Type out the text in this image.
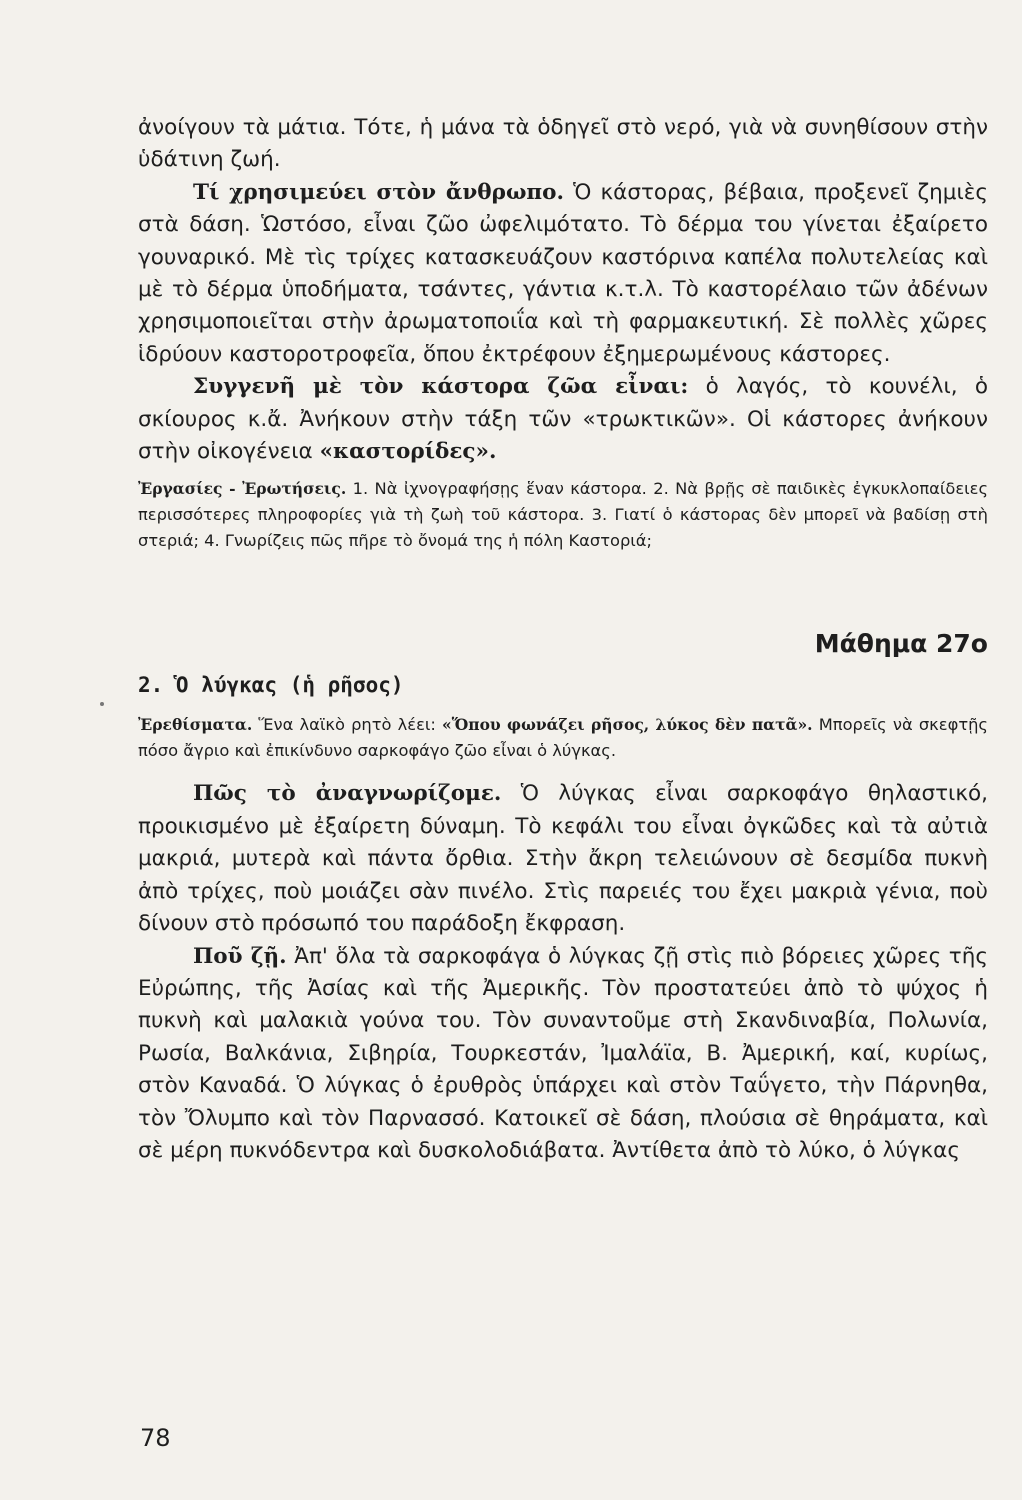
ἀνοίγουν τὰ μάτια. Τότε, ἡ μάνα τὰ ὁδηγεῖ στὸ νερό, γιὰ νὰ συνηθίσουν στὴν ὑδάτινη ζωή.

Τί χρησιμεύει στὸν ἄνθρωπο. Ὁ κάστορας, βέβαια, προξενεῖ ζημιὲς στὰ δάση. Ὡστόσο, εἶναι ζῶο ὠφελιμότατο. Τὸ δέρμα του γίνεται ἐξαίρετο γουναρικό. Μὲ τὶς τρίχες κατασκευάζουν καστόρινα καπέλα πολυτελείας καὶ μὲ τὸ δέρμα ὑποδήματα, τσάντες, γάντια κ.τ.λ. Τὸ καστορέλαιο τῶν ἀδένων χρησιμοποιεῖται στὴν ἀρωματοποιΐα καὶ τὴ φαρμακευτική. Σὲ πολλὲς χῶρες ἱδρύουν καστοροτροφεῖα, ὅπου ἐκτρέφουν ἐξημερωμένους κάστορες.

Συγγενῆ μὲ τὸν κάστορα ζῶα εἶναι: ὁ λαγός, τὸ κουνέλι, ὁ σκίουρος κ.ἄ. Ἀνήκουν στὴν τάξη τῶν «τρωκτικῶν». Οἱ κάστορες ἀνήκουν στὴν οἰκογένεια «καστορίδες».

Ἐργασίες - Ἐρωτήσεις. 1. Νὰ ἰχνογραφήσῃς ἕναν κάστορα. 2. Νὰ βρῇς σὲ παιδικὲς ἐγκυκλοπαίδειες περισσότερες πληροφορίες γιὰ τὴ ζωὴ τοῦ κάστορα. 3. Γιατί ὁ κάστορας δὲν μπορεῖ νὰ βαδίσῃ στὴ στεριά; 4. Γνωρίζεις πῶς πῆρε τὸ ὄνομά της ἡ πόλη Καστοριά;

Μάθημα 27ο
2. Ὁ λύγκας (ἡ ρῆσος)

Ἐρεθίσματα. Ἕνα λαϊκὸ ρητὸ λέει: «Ὅπου φωνάζει ρῆσος, λύκος δὲν πατᾶ». Μπορεῖς νὰ σκεφτῇς πόσο ἄγριο καὶ ἐπικίνδυνο σαρκοφάγο ζῶο εἶναι ὁ λύγκας.

Πῶς τὸ ἀναγνωρίζομε. Ὁ λύγκας εἶναι σαρκοφάγο θηλαστικό, προικισμένο μὲ ἐξαίρετη δύναμη. Τὸ κεφάλι του εἶναι ὀγκῶδες καὶ τὰ αὐτιὰ μακριά, μυτερὰ καὶ πάντα ὄρθια. Στὴν ἄκρη τελειώνουν σὲ δεσμίδα πυκνὴ ἀπὸ τρίχες, ποὺ μοιάζει σὰν πινέλο. Στὶς παρειές του ἔχει μακριὰ γένια, ποὺ δίνουν στὸ πρόσωπό του παράδοξη ἔκφραση.

Ποῦ ζῇ. Ἀπ' ὅλα τὰ σαρκοφάγα ὁ λύγκας ζῇ στὶς πιὸ βόρειες χῶρες τῆς Εὐρώπης, τῆς Ἀσίας καὶ τῆς Ἀμερικῆς. Τὸν προστατεύει ἀπὸ τὸ ψύχος ἡ πυκνὴ καὶ μαλακιὰ γούνα του. Τὸν συναντοῦμε στὴ Σκανδιναβία, Πολωνία, Ρωσία, Βαλκάνια, Σιβηρία, Τουρκεστάν, Ἰμαλάϊα, Β. Ἀμερική, καί, κυρίως, στὸν Καναδά. Ὁ λύγκας ὁ ἐρυθρὸς ὑπάρχει καὶ στὸν Ταΰγετο, τὴν Πάρνηθα, τὸν Ὄλυμπο καὶ τὸν Παρνασσό. Κατοικεῖ σὲ δάση, πλούσια σὲ θηράματα, καὶ σὲ μέρη πυκνόδεντρα καὶ δυσκολοδιάβατα. Ἀντίθετα ἀπὸ τὸ λύκο, ὁ λύγκας

78
